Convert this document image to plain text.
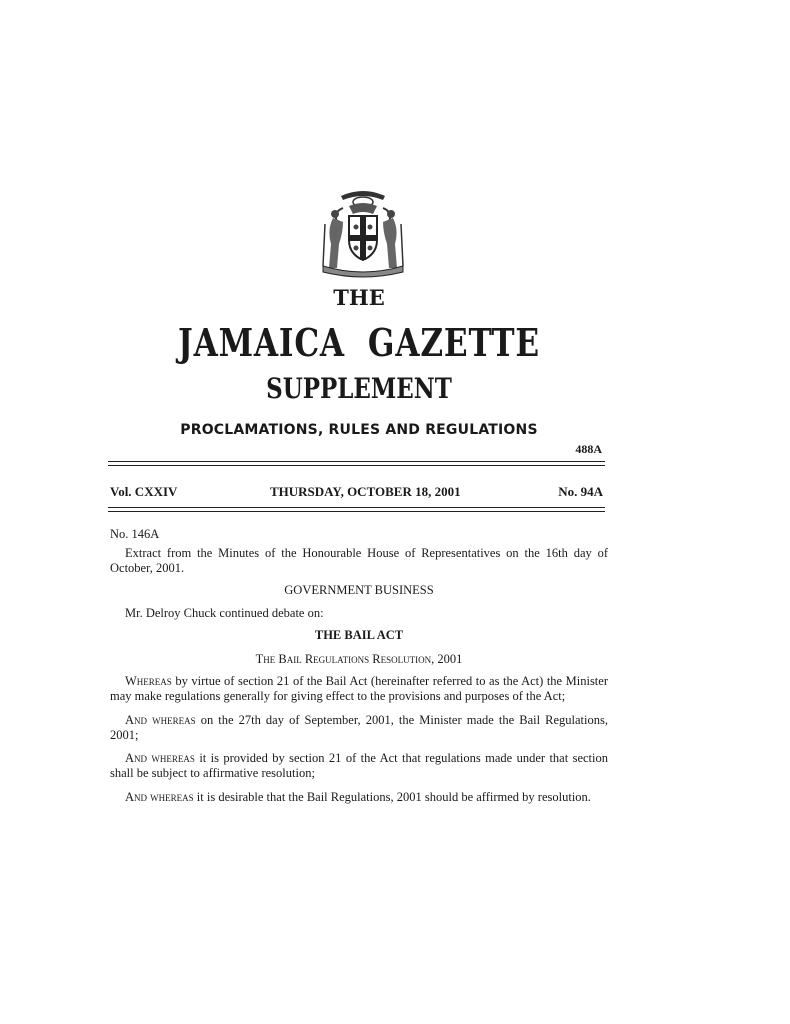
THE
JAMAICA GAZETTE
SUPPLEMENT
PROCLAMATIONS, RULES AND REGULATIONS
488A
Vol. CXXIV	THURSDAY, OCTOBER 18, 2001	No. 94A
No. 146A

Extract from the Minutes of the Honourable House of Representatives on the 16th day of October, 2001.

GOVERNMENT BUSINESS

Mr. Delroy Chuck continued debate on:

THE BAIL ACT
The Bail Regulations Resolution, 2001

Whereas by virtue of section 21 of the Bail Act (hereinafter referred to as the Act) the Minister may make regulations generally for giving effect to the provisions and purposes of the Act;

And whereas on the 27th day of September, 2001, the Minister made the Bail Regulations, 2001;

And whereas it is provided by section 21 of the Act that regulations made under that section shall be subject to affirmative resolution;

And whereas it is desirable that the Bail Regulations, 2001 should be affirmed by resolution.
